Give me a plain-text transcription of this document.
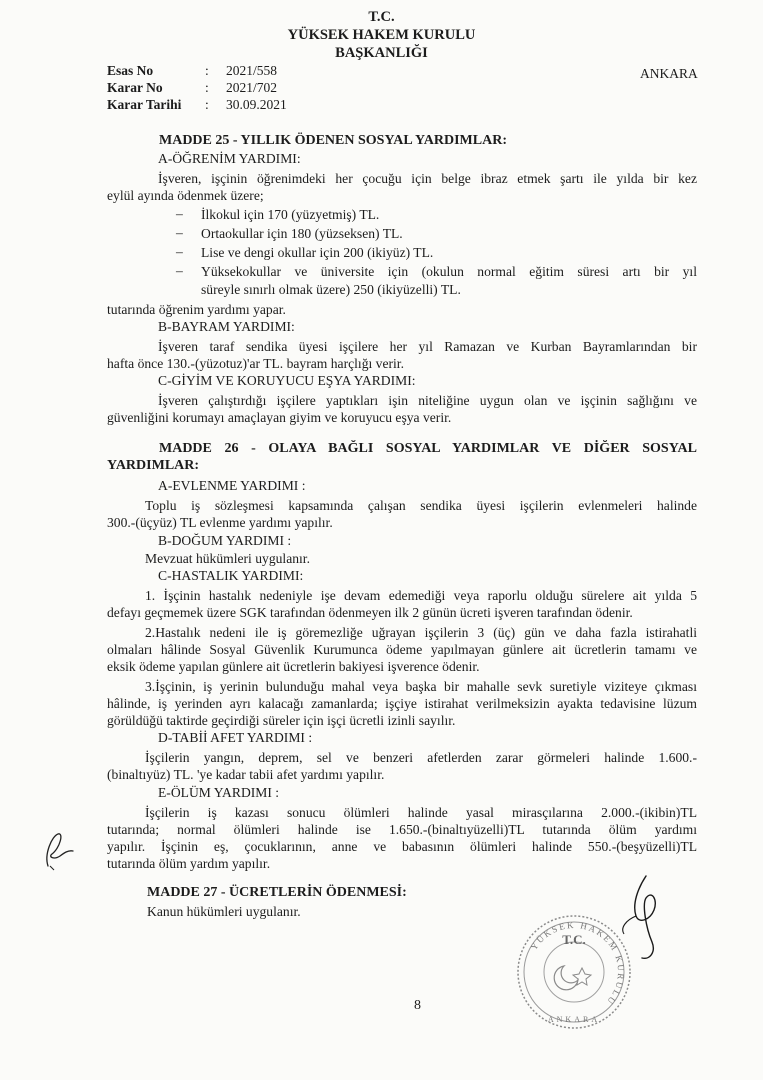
T.C.
YÜKSEK HAKEM KURULU
BAŞKANLIĞI
Esas No	: 2021/558
Karar No	: 2021/702
Karar Tarihi : 30.09.2021
ANKARA
MADDE 25 - YILLIK ÖDENEN SOSYAL YARDIMLAR:
A-ÖĞRENİM YARDIMI:
İşveren, işçinin öğrenimdeki her çocuğu için belge ibraz etmek şartı ile yılda bir kez
eylül ayında ödenmek üzere;
– İlkokul için 170 (yüzyetmiş) TL.
– Ortaokullar için 180 (yüzseksen) TL.
– Lise ve dengi okullar için 200 (ikiyüz) TL.
– Yüksekokullar ve üniversite için (okulun normal eğitim süresi artı bir yıl
süreyle sınırlı olmak üzere) 250 (ikiyüzelli) TL.
tutarında öğrenim yardımı yapar.
B-BAYRAM YARDIMI:
İşveren taraf sendika üyesi işçilere her yıl Ramazan ve Kurban Bayramlarından bir
hafta önce 130.-(yüzotuz)'ar TL. bayram harçlığı verir.
C-GİYİM VE KORUYUCU EŞYA YARDIMI:
İşveren çalıştırdığı işçilere yaptıkları işin niteliğine uygun olan ve işçinin sağlığını ve
güvenliğini korumayı amaçlayan giyim ve koruyucu eşya verir.
MADDE 26 - OLAYA BAĞLI SOSYAL YARDIMLAR VE DİĞER SOSYAL
YARDIMLAR:
A-EVLENME YARDIMI :
Toplu iş sözleşmesi kapsamında çalışan sendika üyesi işçilerin evlenmeleri halinde
300.-(üçyüz) TL evlenme yardımı yapılır.
B-DOĞUM YARDIMI :
Mevzuat hükümleri uygulanır.
C-HASTALIK YARDIMI:
1. İşçinin hastalık nedeniyle işe devam edemediği veya raporlu olduğu sürelere ait yılda 5
defayı geçmemek üzere SGK tarafından ödenmeyen ilk 2 günün ücreti işveren tarafından ödenir.
2.Hastalık nedeni ile iş göremezliğe uğrayan işçilerin 3 (üç) gün ve daha fazla istirahatli
olmaları hâlinde Sosyal Güvenlik Kurumunca ödeme yapılmayan günlere ait ücretlerin tamamı ve
eksik ödeme yapılan günlere ait ücretlerin bakiyesi işverence ödenir.
3.İşçinin, iş yerinin bulunduğu mahal veya başka bir mahalle sevk suretiyle viziteye çıkması
hâlinde, iş yerinden ayrı kalacağı zamanlarda; işçiye istirahat verilmeksizin ayakta tedavisine lüzum
görüldüğü taktirde geçirdiği süreler için işçi ücretli izinli sayılır.
D-TABİİ AFET YARDIMI :
İşçilerin yangın, deprem, sel ve benzeri afetlerden zarar görmeleri halinde 1.600.-
(binaltıyüz) TL. 'ye kadar tabii afet yardımı yapılır.
E-ÖLÜM YARDIMI :
İşçilerin iş kazası sonucu ölümleri halinde yasal mirasçılarına 2.000.-(ikibin)TL
tutarında; normal ölümleri halinde ise 1.650.-(binaltıyüzelli)TL tutarında ölüm yardımı
yapılır. İşçinin eş, çocuklarının, anne ve babasının ölümleri halinde 550.-(beşyüzelli)TL
tutarında ölüm yardım yapılır.
MADDE 27 - ÜCRETLERİN ÖDENMESİ:
Kanun hükümleri uygulanır.
YÜKSEK HAKEM KURULU
T.C.
ANKARA
8
